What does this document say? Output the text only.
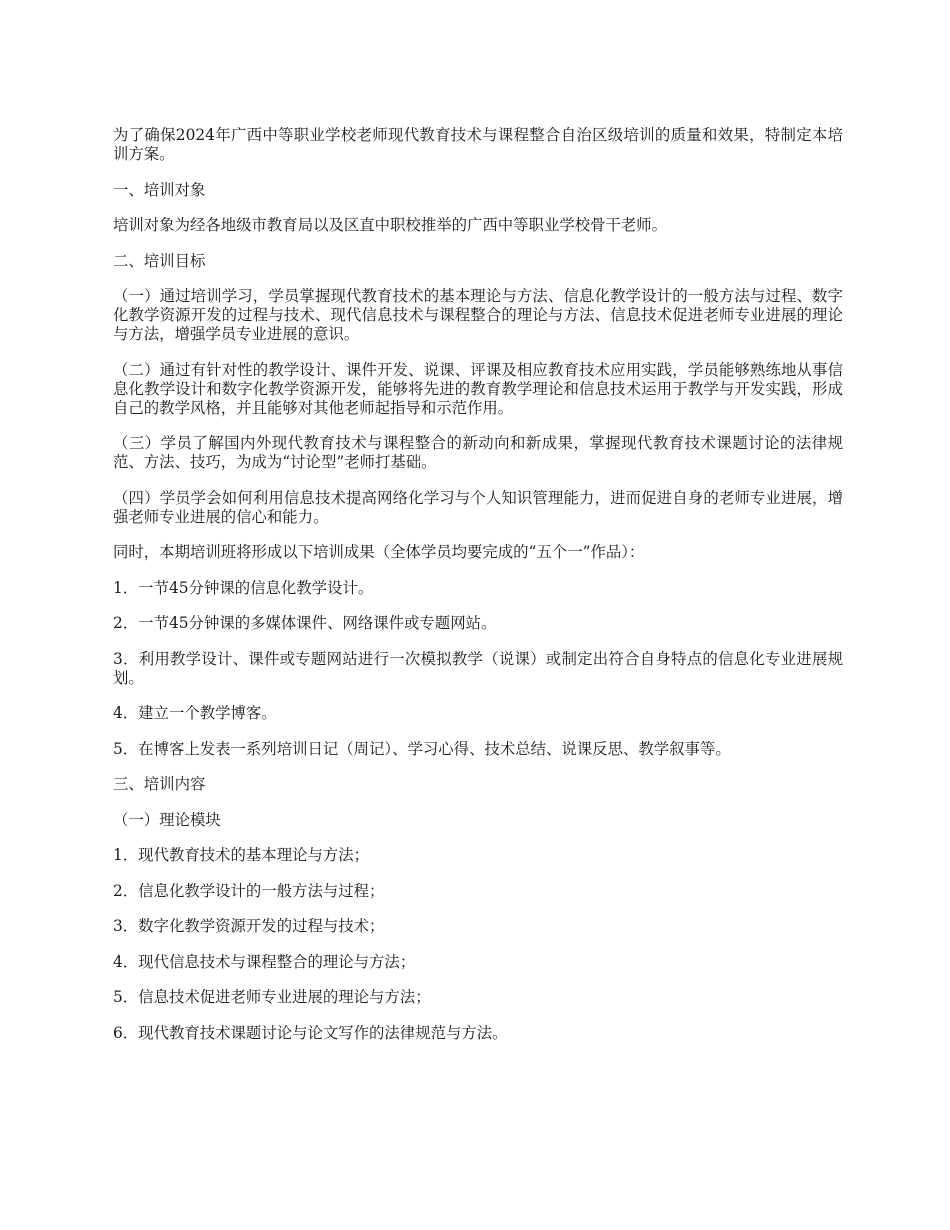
为了确保2024年广西中等职业学校老师现代教育技术与课程整合自治区级培训的质量和效果，特制定本培训方案。

一、培训对象

培训对象为经各地级市教育局以及区直中职校推举的广西中等职业学校骨干老师。

二、培训目标

（一）通过培训学习，学员掌握现代教育技术的基本理论与方法、信息化教学设计的一般方法与过程、数字化教学资源开发的过程与技术、现代信息技术与课程整合的理论与方法、信息技术促进老师专业进展的理论与方法，增强学员专业进展的意识。

（二）通过有针对性的教学设计、课件开发、说课、评课及相应教育技术应用实践，学员能够熟练地从事信息化教学设计和数字化教学资源开发，能够将先进的教育教学理论和信息技术运用于教学与开发实践，形成自己的教学风格，并且能够对其他老师起指导和示范作用。

（三）学员了解国内外现代教育技术与课程整合的新动向和新成果，掌握现代教育技术课题讨论的法律规范、方法、技巧，为成为“讨论型”老师打基础。

（四）学员学会如何利用信息技术提高网络化学习与个人知识管理能力，进而促进自身的老师专业进展，增强老师专业进展的信心和能力。

同时，本期培训班将形成以下培训成果（全体学员均要完成的“五个一”作品）：

1．一节45分钟课的信息化教学设计。

2．一节45分钟课的多媒体课件、网络课件或专题网站。

3．利用教学设计、课件或专题网站进行一次模拟教学（说课）或制定出符合自身特点的信息化专业进展规划。

4．建立一个教学博客。

5．在博客上发表一系列培训日记（周记）、学习心得、技术总结、说课反思、教学叙事等。

三、培训内容

（一）理论模块

1．现代教育技术的基本理论与方法；

2．信息化教学设计的一般方法与过程；

3．数字化教学资源开发的过程与技术；

4．现代信息技术与课程整合的理论与方法；

5．信息技术促进老师专业进展的理论与方法；

6．现代教育技术课题讨论与论文写作的法律规范与方法。
